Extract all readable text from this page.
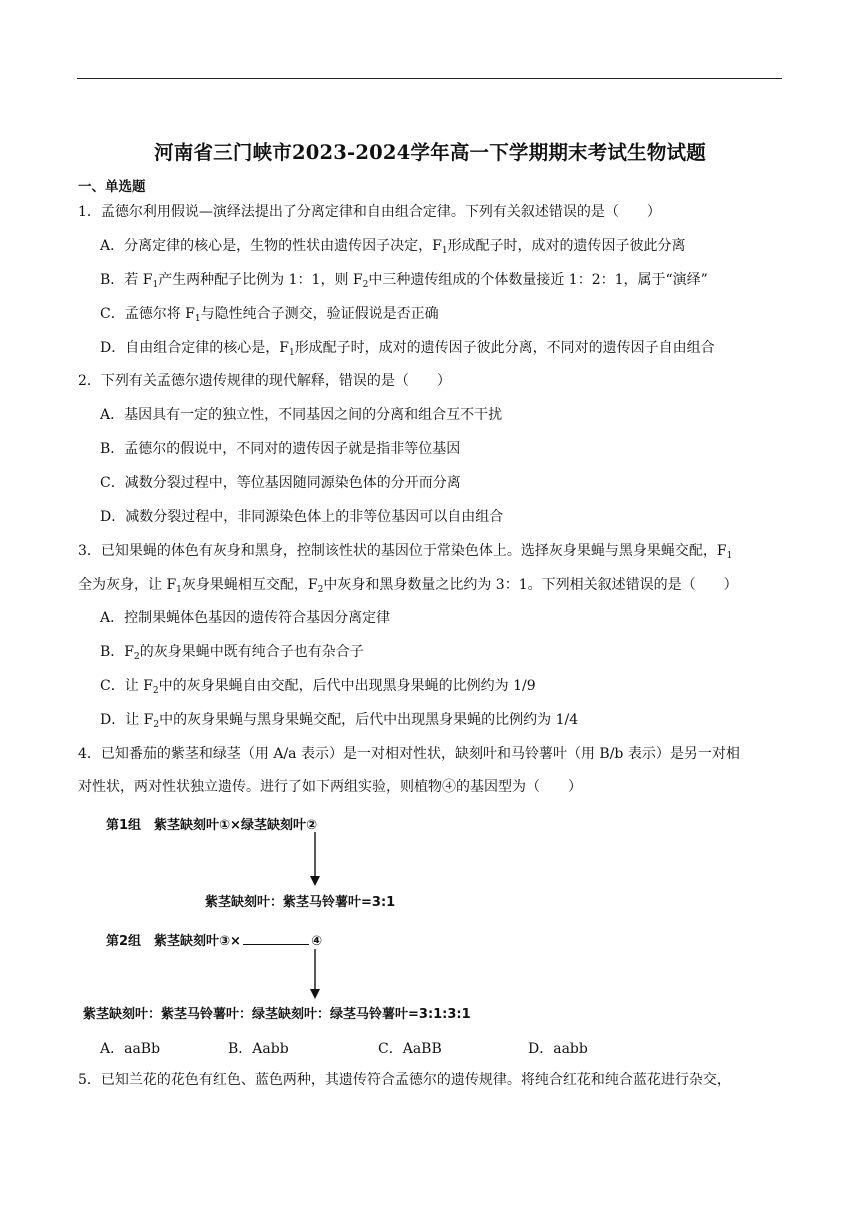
河南省三门峡市2023-2024学年高一下学期期末考试生物试题
一、单选题
1．孟德尔利用假说—演绎法提出了分离定律和自由组合定律。下列有关叙述错误的是（　　）
A．分离定律的核心是，生物的性状由遗传因子决定，$F_1$形成配子时，成对的遗传因子彼此分离
B．若 $F_1$产生两种配子比例为 1：1，则 $F_2$中三种遗传组成的个体数量接近 1：2：1，属于“演绎”
C．孟德尔将 $F_1$与隐性纯合子测交，验证假说是否正确
D．自由组合定律的核心是，$F_1$形成配子时，成对的遗传因子彼此分离，不同对的遗传因子自由组合
2．下列有关孟德尔遗传规律的现代解释，错误的是（　　）
A．基因具有一定的独立性，不同基因之间的分离和组合互不干扰
B．孟德尔的假说中，不同对的遗传因子就是指非等位基因
C．减数分裂过程中，等位基因随同源染色体的分开而分离
D．减数分裂过程中，非同源染色体上的非等位基因可以自由组合
3．已知果蝇的体色有灰身和黑身，控制该性状的基因位于常染色体上。选择灰身果蝇与黑身果蝇交配，$F_1$
全为灰身，让 $F_1$灰身果蝇相互交配，$F_2$中灰身和黑身数量之比约为 3：1。下列相关叙述错误的是（　　）
A．控制果蝇体色基因的遗传符合基因分离定律
B．$F_2$的灰身果蝇中既有纯合子也有杂合子
C．让 $F_2$中的灰身果蝇自由交配，后代中出现黑身果蝇的比例约为 1/9
D．让 $F_2$中的灰身果蝇与黑身果蝇交配，后代中出现黑身果蝇的比例约为 1/4
4．已知番茄的紫茎和绿茎（用 A/a 表示）是一对相对性状，缺刻叶和马铃薯叶（用 B/b 表示）是另一对相
对性状，两对性状独立遗传。进行了如下两组实验，则植物④的基因型为（　　）
第1组　紫茎缺刻叶①×绿茎缺刻叶②
紫茎缺刻叶：紫茎马铃薯叶=3:1
第2组　紫茎缺刻叶③×	④
紫茎缺刻叶：紫茎马铃薯叶：绿茎缺刻叶：绿茎马铃薯叶=3:1:3:1
A．aaBb	B．Aabb	C．AaBB	D．aabb
5．已知兰花的花色有红色、蓝色两种，其遗传符合孟德尔的遗传规律。将纯合红花和纯合蓝花进行杂交，
